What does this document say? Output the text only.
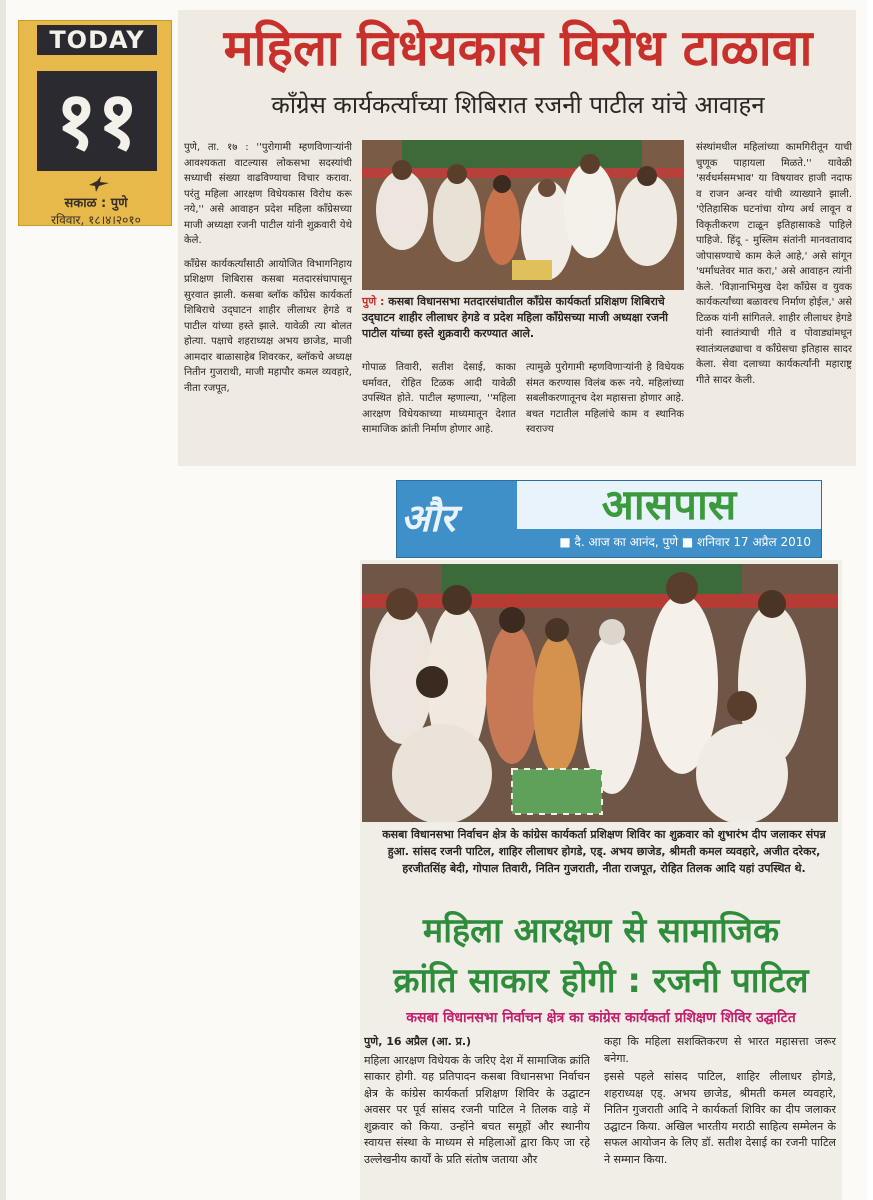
TODAY
११
सकाळ : पुणे
रविवार, १८।४।२०१०
महिला विधेयकास विरोध टाळावा
कॉंग्रेस कार्यकर्त्यांच्या शिबिरात रजनी पाटील यांचे आवाहन

पुणे, ता. १७ : ''पुरोगामी म्हणविणाऱ्यांनी आवश्यकता वाटल्यास लोकसभा सदस्यांची सध्याची संख्या वाढविण्याचा विचार करावा. परंतु महिला आरक्षण विधेयकास विरोध करू नये,'' असे आवाहन प्रदेश महिला कॉंग्रेसच्या माजी अध्यक्षा रजनी पाटील यांनी शुक्रवारी येथे केले.

कॉंग्रेस कार्यकर्त्यांसाठी आयोजित विभागनिहाय प्रशिक्षण शिबिरास कसबा मतदारसंघापासून सुरवात झाली. कसबा ब्लॉक कॉंग्रेस कार्यकर्ता शिबिराचे उद्‌घाटन शाहीर लीलाधर हेगडे व पाटील यांच्या हस्ते झाले. यावेळी त्या बोलत होत्या. पक्षाचे शहराध्यक्ष अभय छाजेड, माजी आमदार बाळासाहेब शिवरकर, ब्लॉकचे अध्यक्ष नितीन गुजराथी, माजी महापौर कमल व्यवहारे, नीता रजपूत,

पुणे : कसबा विधानसभा मतदारसंघातील कॉंग्रेस कार्यकर्ता प्रशिक्षण शिबिराचे उद्‌घाटन शाहीर लीलाधर हेगडे व प्रदेश महिला कॉंग्रेसच्या माजी अध्यक्षा रजनी पाटील यांच्या हस्ते शुक्रवारी करण्यात आले.
गोपाळ तिवारी, सतीश देसाई, काका धर्मावत, रोहित टिळक आदी यावेळी उपस्थित होते. पाटील म्हणाल्या, ''महिला आरक्षण विधेयकाच्या माध्यमातून देशात सामाजिक क्रांती निर्माण होणार आहे.
त्यामुळे पुरोगामी म्हणविणाऱ्यांनी हे विधेयक संमत करण्यास विलंब करू नये. महिलांच्या सबलीकरणातूनच देश महासत्ता होणार आहे. बचत गटातील महिलांचे काम व स्थानिक स्वराज्य

संस्थांमधील महिलांच्या कामगिरीतून याची चुणूक पाहायला मिळते.'' यावेळी 'सर्वधर्मसमभाव' या विषयावर हाजी नदाफ व राजन अन्वर यांची व्याख्याने झाली. 'ऐतिहासिक घटनांचा योग्य अर्थ लावून व विकृतीकरण टाळून इतिहासाकडे पाहिले पाहिजे. हिंदू - मुस्लिम संतांनी मानवतावाद जोपासण्याचे काम केले आहे,' असे सांगून 'धर्मांधतेवर मात करा,' असे आवाहन त्यांनी केले. 'विज्ञानाभिमुख देश कॉंग्रेस व युवक कार्यकर्त्यांच्या बळावरच निर्माण होईल,' असे टिळक यांनी सांगितले. शाहीर लीलाधर हेगडे यांनी स्वातंत्र्याची गीते व पोवाड्यांमधून स्वातंत्र्यलढ्याचा व कॉंग्रेसचा इतिहास सादर केला. सेवा दलाच्या कार्यकर्त्यांनी महाराष्ट्र गीते सादर केली.

और	आसपास
■ दै. आज का आनंद, पुणे ■ शनिवार 17 अप्रैल 2010
कसबा विधानसभा निर्वाचन क्षेत्र के कांग्रेस कार्यकर्ता प्रशिक्षण शिविर का शुक्रवार को शुभारंभ दीप जलाकर संपन्न हुआ. सांसद रजनी पाटिल, शाहिर लीलाधर होगडे, एड्. अभय छाजेड, श्रीमती कमल व्यवहारे, अजीत दरेकर, हरजीतसिंह बेदी, गोपाल तिवारी, नितिन गुजराती, नीता राजपूत, रोहित तिलक आदि यहां उपस्थित थे.
महिला आरक्षण से सामाजिक
क्रांति साकार होगी : रजनी पाटिल
कसबा विधानसभा निर्वाचन क्षेत्र का कांग्रेस कार्यकर्ता प्रशिक्षण शिविर उद्घाटित

पुणे, 16 अप्रैल (आ. प्र.)

महिला आरक्षण विधेयक के जरिए देश में सामाजिक क्रांति साकार होगी. यह प्रतिपादन कसबा विधानसभा निर्वाचन क्षेत्र के कांग्रेस कार्यकर्ता प्रशिक्षण शिविर के उद्घाटन अवसर पर पूर्व सांसद रजनी पाटिल ने तिलक वाड़े में शुक्रवार को किया. उन्होंने बचत समूहों और स्थानीय स्वायत्त संस्था के माध्यम से महिलाओं द्वारा किए जा रहे उल्लेखनीय कार्यों के प्रति संतोष जताया और

कहा कि महिला सशक्तिकरण से भारत महासत्ता जरूर बनेगा.

इससे पहले सांसद पाटिल, शाहिर लीलाधर होगडे, शहराध्यक्ष एड्. अभय छाजेड, श्रीमती कमल व्यवहारे, नितिन गुजराती आदि ने कार्यकर्ता शिविर का दीप जलाकर उद्घाटन किया. अखिल भारतीय मराठी साहित्य सम्मेलन के सफल आयोजन के लिए डॉ. सतीश देसाई का रजनी पाटिल ने सम्मान किया.
